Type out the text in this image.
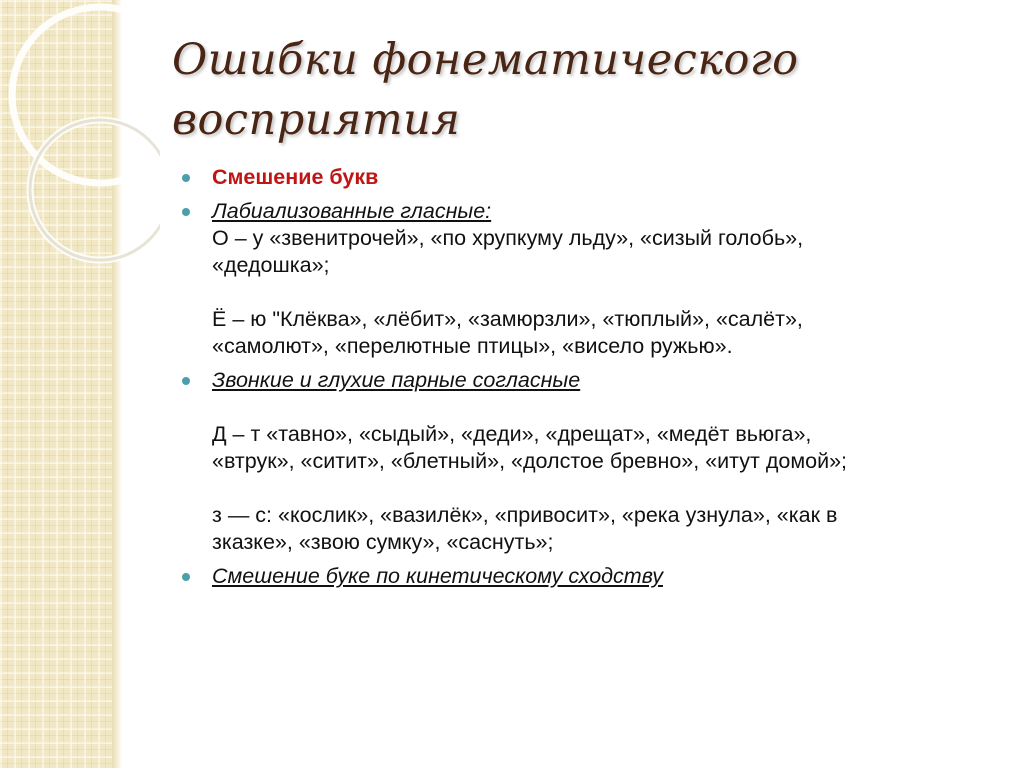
Ошибки фонематического
восприятия
Смешение букв
Лабиализованные гласные:
О – у «звенитрочей», «по хрупкуму льду», «сизый голобь»,
«дедошка»;
Ё – ю "Клёква», «лёбит», «замюрзли», «тюплый», «салёт»,
«самолют», «перелютные птицы», «висело ружью».
Звонкие и глухие парные согласные
Д – т «тавно», «сыдый», «деди», «дрещат», «медёт вьюга»,
«втрук», «ситит», «блетный», «долстое бревно», «итут домой»;
з — с: «кослик», «вазилёк», «привосит», «река узнула», «как в
зказке», «звою сумку», «саснуть»;
Смешение буке по кинетическому сходству
